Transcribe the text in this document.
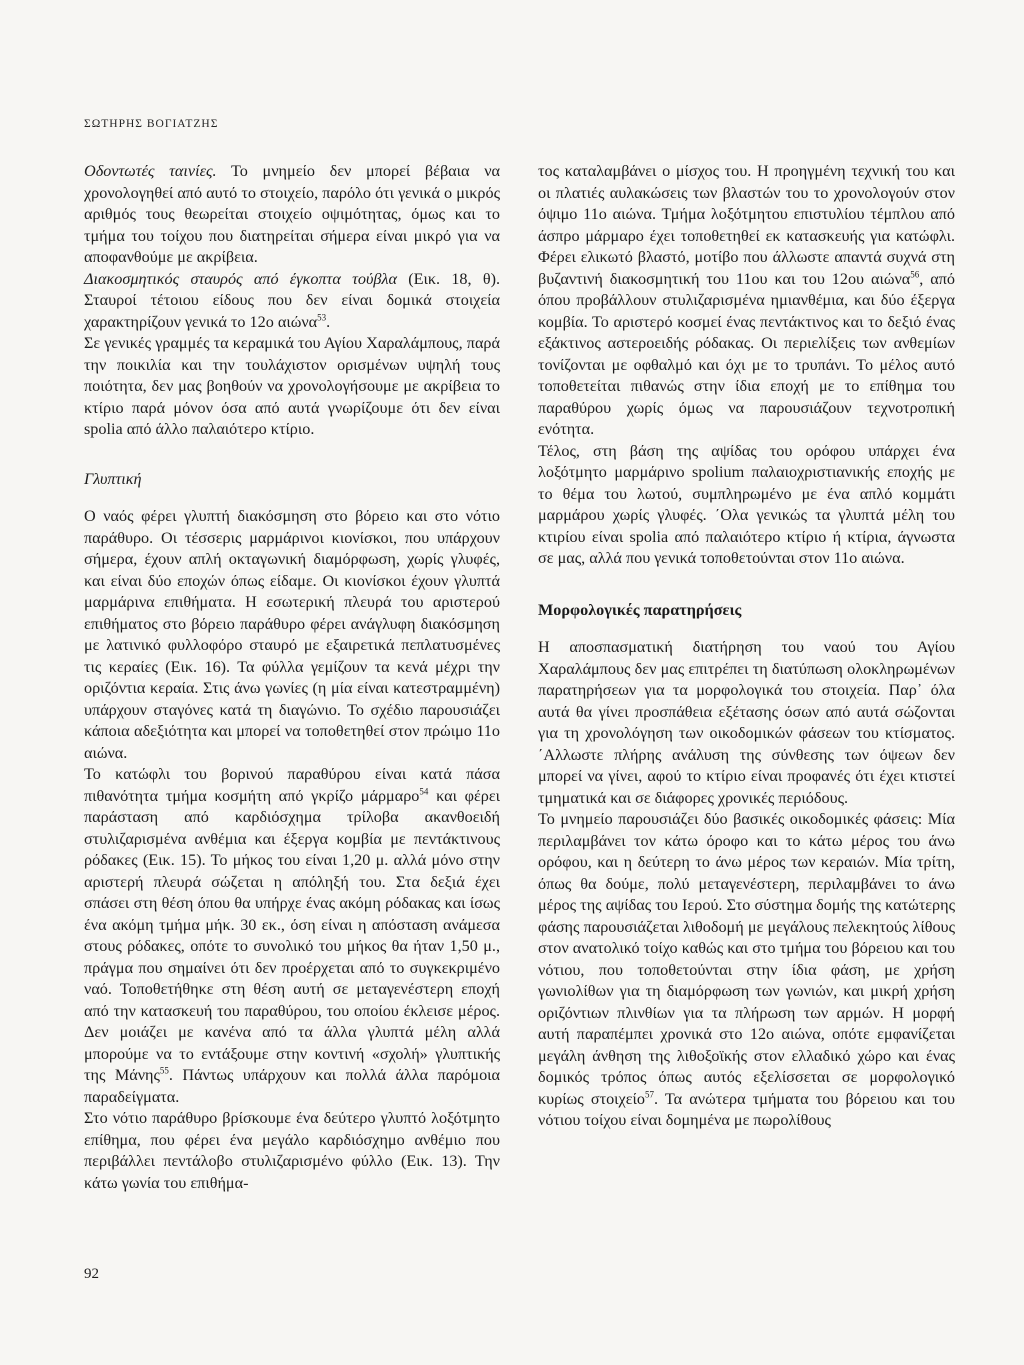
ΣΩΤΗΡΗΣ ΒΟΓΙΑΤΖΗΣ

Οδοντωτές ταινίες. Το μνημείο δεν μπορεί βέβαια να χρονολογηθεί από αυτό το στοιχείο, παρόλο ότι γενικά ο μικρός αριθμός τους θεωρείται στοιχείο οψιμότητας, όμως και το τμήμα του τοίχου που διατηρείται σήμερα είναι μικρό για να αποφανθούμε με ακρίβεια.

Διακοσμητικός σταυρός από έγκοπτα τούβλα (Εικ. 18, θ). Σταυροί τέτοιου είδους που δεν είναι δομικά στοιχεία χαρακτηρίζουν γενικά το 12ο αιώνα$^{53}$.

Σε γενικές γραμμές τα κεραμικά του Αγίου Χαραλάμπους, παρά την ποικιλία και την τουλάχιστον ορισμένων υψηλή τους ποιότητα, δεν μας βοηθούν να χρονολογήσουμε με ακρίβεια το κτίριο παρά μόνον όσα από αυτά γνωρίζουμε ότι δεν είναι spolia από άλλο παλαιότερο κτίριο.

Γλυπτική

Ο ναός φέρει γλυπτή διακόσμηση στο βόρειο και στο νότιο παράθυρο. Οι τέσσερις μαρμάρινοι κιονίσκοι, που υπάρχουν σήμερα, έχουν απλή οκταγωνική διαμόρφωση, χωρίς γλυφές, και είναι δύο εποχών όπως είδαμε. Οι κιονίσκοι έχουν γλυπτά μαρμάρινα επιθήματα. Η εσωτερική πλευρά του αριστερού επιθήματος στο βόρειο παράθυρο φέρει ανάγλυφη διακόσμηση με λατινικό φυλλοφόρο σταυρό με εξαιρετικά πεπλατυσμένες τις κεραίες (Εικ. 16). Τα φύλλα γεμίζουν τα κενά μέχρι την οριζόντια κεραία. Στις άνω γωνίες (η μία είναι κατεστραμμένη) υπάρχουν σταγόνες κατά τη διαγώνιο. Το σχέδιο παρουσιάζει κάποια αδεξιότητα και μπορεί να τοποθετηθεί στον πρώιμο 11ο αιώνα.

Το κατώφλι του βορινού παραθύρου είναι κατά πάσα πιθανότητα τμήμα κοσμήτη από γκρίζο μάρμαρο$^{54}$ και φέρει παράσταση από καρδιόσχημα τρίλοβα ακανθοειδή στυλιζαρισμένα ανθέμια και έξεργα κομβία με πεντάκτινους ρόδακες (Εικ. 15). Το μήκος του είναι 1,20 μ. αλλά μόνο στην αριστερή πλευρά σώζεται η απόληξή του. Στα δεξιά έχει σπάσει στη θέση όπου θα υπήρχε ένας ακόμη ρόδακας και ίσως ένα ακόμη τμήμα μήκ. 30 εκ., όση είναι η απόσταση ανάμεσα στους ρόδακες, οπότε το συνολικό του μήκος θα ήταν 1,50 μ., πράγμα που σημαίνει ότι δεν προέρχεται από το συγκεκριμένο ναό. Τοποθετήθηκε στη θέση αυτή σε μεταγενέστερη εποχή από την κατασκευή του παραθύρου, του οποίου έκλεισε μέρος. Δεν μοιάζει με κανένα από τα άλλα γλυπτά μέλη αλλά μπορούμε να το εντάξουμε στην κοντινή «σχολή» γλυπτικής της Μάνης$^{55}$. Πάντως υπάρχουν και πολλά άλλα παρόμοια παραδείγματα.

Στο νότιο παράθυρο βρίσκουμε ένα δεύτερο γλυπτό λοξότμητο επίθημα, που φέρει ένα μεγάλο καρδιόσχημο ανθέμιο που περιβάλλει πεντάλοβο στυλιζαρισμένο φύλλο (Εικ. 13). Την κάτω γωνία του επιθήμα-

τος καταλαμβάνει ο μίσχος του. Η προηγμένη τεχνική του και οι πλατιές αυλακώσεις των βλαστών του το χρονολογούν στον όψιμο 11ο αιώνα. Τμήμα λοξότμητου επιστυλίου τέμπλου από άσπρο μάρμαρο έχει τοποθετηθεί εκ κατασκευής για κατώφλι. Φέρει ελικωτό βλαστό, μοτίβο που άλλωστε απαντά συχνά στη βυζαντινή διακοσμητική του 11ου και του 12ου αιώνα$^{56}$, από όπου προβάλλουν στυλιζαρισμένα ημιανθέμια, και δύο έξεργα κομβία. Το αριστερό κοσμεί ένας πεντάκτινος και το δεξιό ένας εξάκτινος αστεροειδής ρόδακας. Οι περιελίξεις των ανθεμίων τονίζονται με οφθαλμό και όχι με το τρυπάνι. Το μέλος αυτό τοποθετείται πιθανώς στην ίδια εποχή με το επίθημα του παραθύρου χωρίς όμως να παρουσιάζουν τεχνοτροπική ενότητα.

Τέλος, στη βάση της αψίδας του ορόφου υπάρχει ένα λοξότμητο μαρμάρινο spolium παλαιοχριστιανικής εποχής με το θέμα του λωτού, συμπληρωμένο με ένα απλό κομμάτι μαρμάρου χωρίς γλυφές. ΄Ολα γενικώς τα γλυπτά μέλη του κτιρίου είναι spolia από παλαιότερο κτίριο ή κτίρια, άγνωστα σε μας, αλλά που γενικά τοποθετούνται στον 11ο αιώνα.

Μορφολογικές παρατηρήσεις

Η αποσπασματική διατήρηση του ναού του Αγίου Χαραλάμπους δεν μας επιτρέπει τη διατύπωση ολοκληρωμένων παρατηρήσεων για τα μορφολογικά του στοιχεία. Παρ᾽ όλα αυτά θα γίνει προσπάθεια εξέτασης όσων από αυτά σώζονται για τη χρονολόγηση των οικοδομικών φάσεων του κτίσματος. ΄Αλλωστε πλήρης ανάλυση της σύνθεσης των όψεων δεν μπορεί να γίνει, αφού το κτίριο είναι προφανές ότι έχει κτιστεί τμηματικά και σε διάφορες χρονικές περιόδους.

Το μνημείο παρουσιάζει δύο βασικές οικοδομικές φάσεις: Μία περιλαμβάνει τον κάτω όροφο και το κάτω μέρος του άνω ορόφου, και η δεύτερη το άνω μέρος των κεραιών. Μία τρίτη, όπως θα δούμε, πολύ μεταγενέστερη, περιλαμβάνει το άνω μέρος της αψίδας του Ιερού. Στο σύστημα δομής της κατώτερης φάσης παρουσιάζεται λιθοδομή με μεγάλους πελεκητούς λίθους στον ανατολικό τοίχο καθώς και στο τμήμα του βόρειου και του νότιου, που τοποθετούνται στην ίδια φάση, με χρήση γωνιολίθων για τη διαμόρφωση των γωνιών, και μικρή χρήση οριζόντιων πλινθίων για τα πλήρωση των αρμών. Η μορφή αυτή παραπέμπει χρονικά στο 12ο αιώνα, οπότε εμφανίζεται μεγάλη άνθηση της λιθοξοϊκής στον ελλαδικό χώρο και ένας δομικός τρόπος όπως αυτός εξελίσσεται σε μορφολογικό κυρίως στοιχείο$^{57}$. Τα ανώτερα τμήματα του βόρειου και του νότιου τοίχου είναι δομημένα με πωρολίθους

92
